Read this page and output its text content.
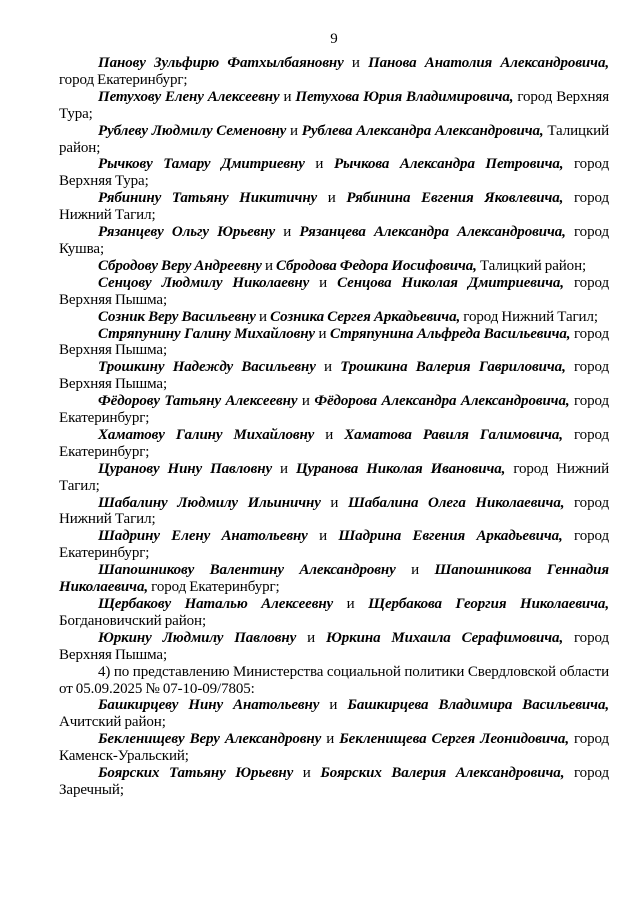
9

Панову Зульфирю Фатхылбаяновну и Панова Анатолия Александровича, город Екатеринбург;

Петухову Елену Алексеевну и Петухова Юрия Владимировича, город Верхняя Тура;

Рублеву Людмилу Семеновну и Рублева Александра Александровича, Талицкий район;

Рычкову Тамару Дмитриевну и Рычкова Александра Петровича, город Верхняя Тура;

Рябинину Татьяну Никитичну и Рябинина Евгения Яковлевича, город Нижний Тагил;

Рязанцеву Ольгу Юрьевну и Рязанцева Александра Александровича, город Кушва;

Сбродову Веру Андреевну и Сбродова Федора Иосифовича, Талицкий район;

Сенцову Людмилу Николаевну и Сенцова Николая Дмитриевича, город Верхняя Пышма;

Созник Веру Васильевну и Созника Сергея Аркадьевича, город Нижний Тагил;

Стряпунину Галину Михайловну и Стряпунина Альфреда Васильевича, город Верхняя Пышма;

Трошкину Надежду Васильевну и Трошкина Валерия Гавриловича, город Верхняя Пышма;

Фёдорову Татьяну Алексеевну и Фёдорова Александра Александровича, город Екатеринбург;

Хаматову Галину Михайловну и Хаматова Равиля Галимовича, город Екатеринбург;

Цуранову Нину Павловну и Цуранова Николая Ивановича, город Нижний Тагил;

Шабалину Людмилу Ильиничну и Шабалина Олега Николаевича, город Нижний Тагил;

Шадрину Елену Анатольевну и Шадрина Евгения Аркадьевича, город Екатеринбург;

Шапошникову Валентину Александровну и Шапошникова Геннадия Николаевича, город Екатеринбург;

Щербакову Наталью Алексеевну и Щербакова Георгия Николаевича, Богдановичский район;

Юркину Людмилу Павловну и Юркина Михаила Серафимовича, город Верхняя Пышма;

4) по представлению Министерства социальной политики Свердловской области от 05.09.2025 № 07-10-09/7805:

Башкирцеву Нину Анатольевну и Башкирцева Владимира Васильевича, Ачитский район;

Бекленищеву Веру Александровну и Бекленищева Сергея Леонидовича, город Каменск-Уральский;

Боярских Татьяну Юрьевну и Боярских Валерия Александровича, город Заречный;
